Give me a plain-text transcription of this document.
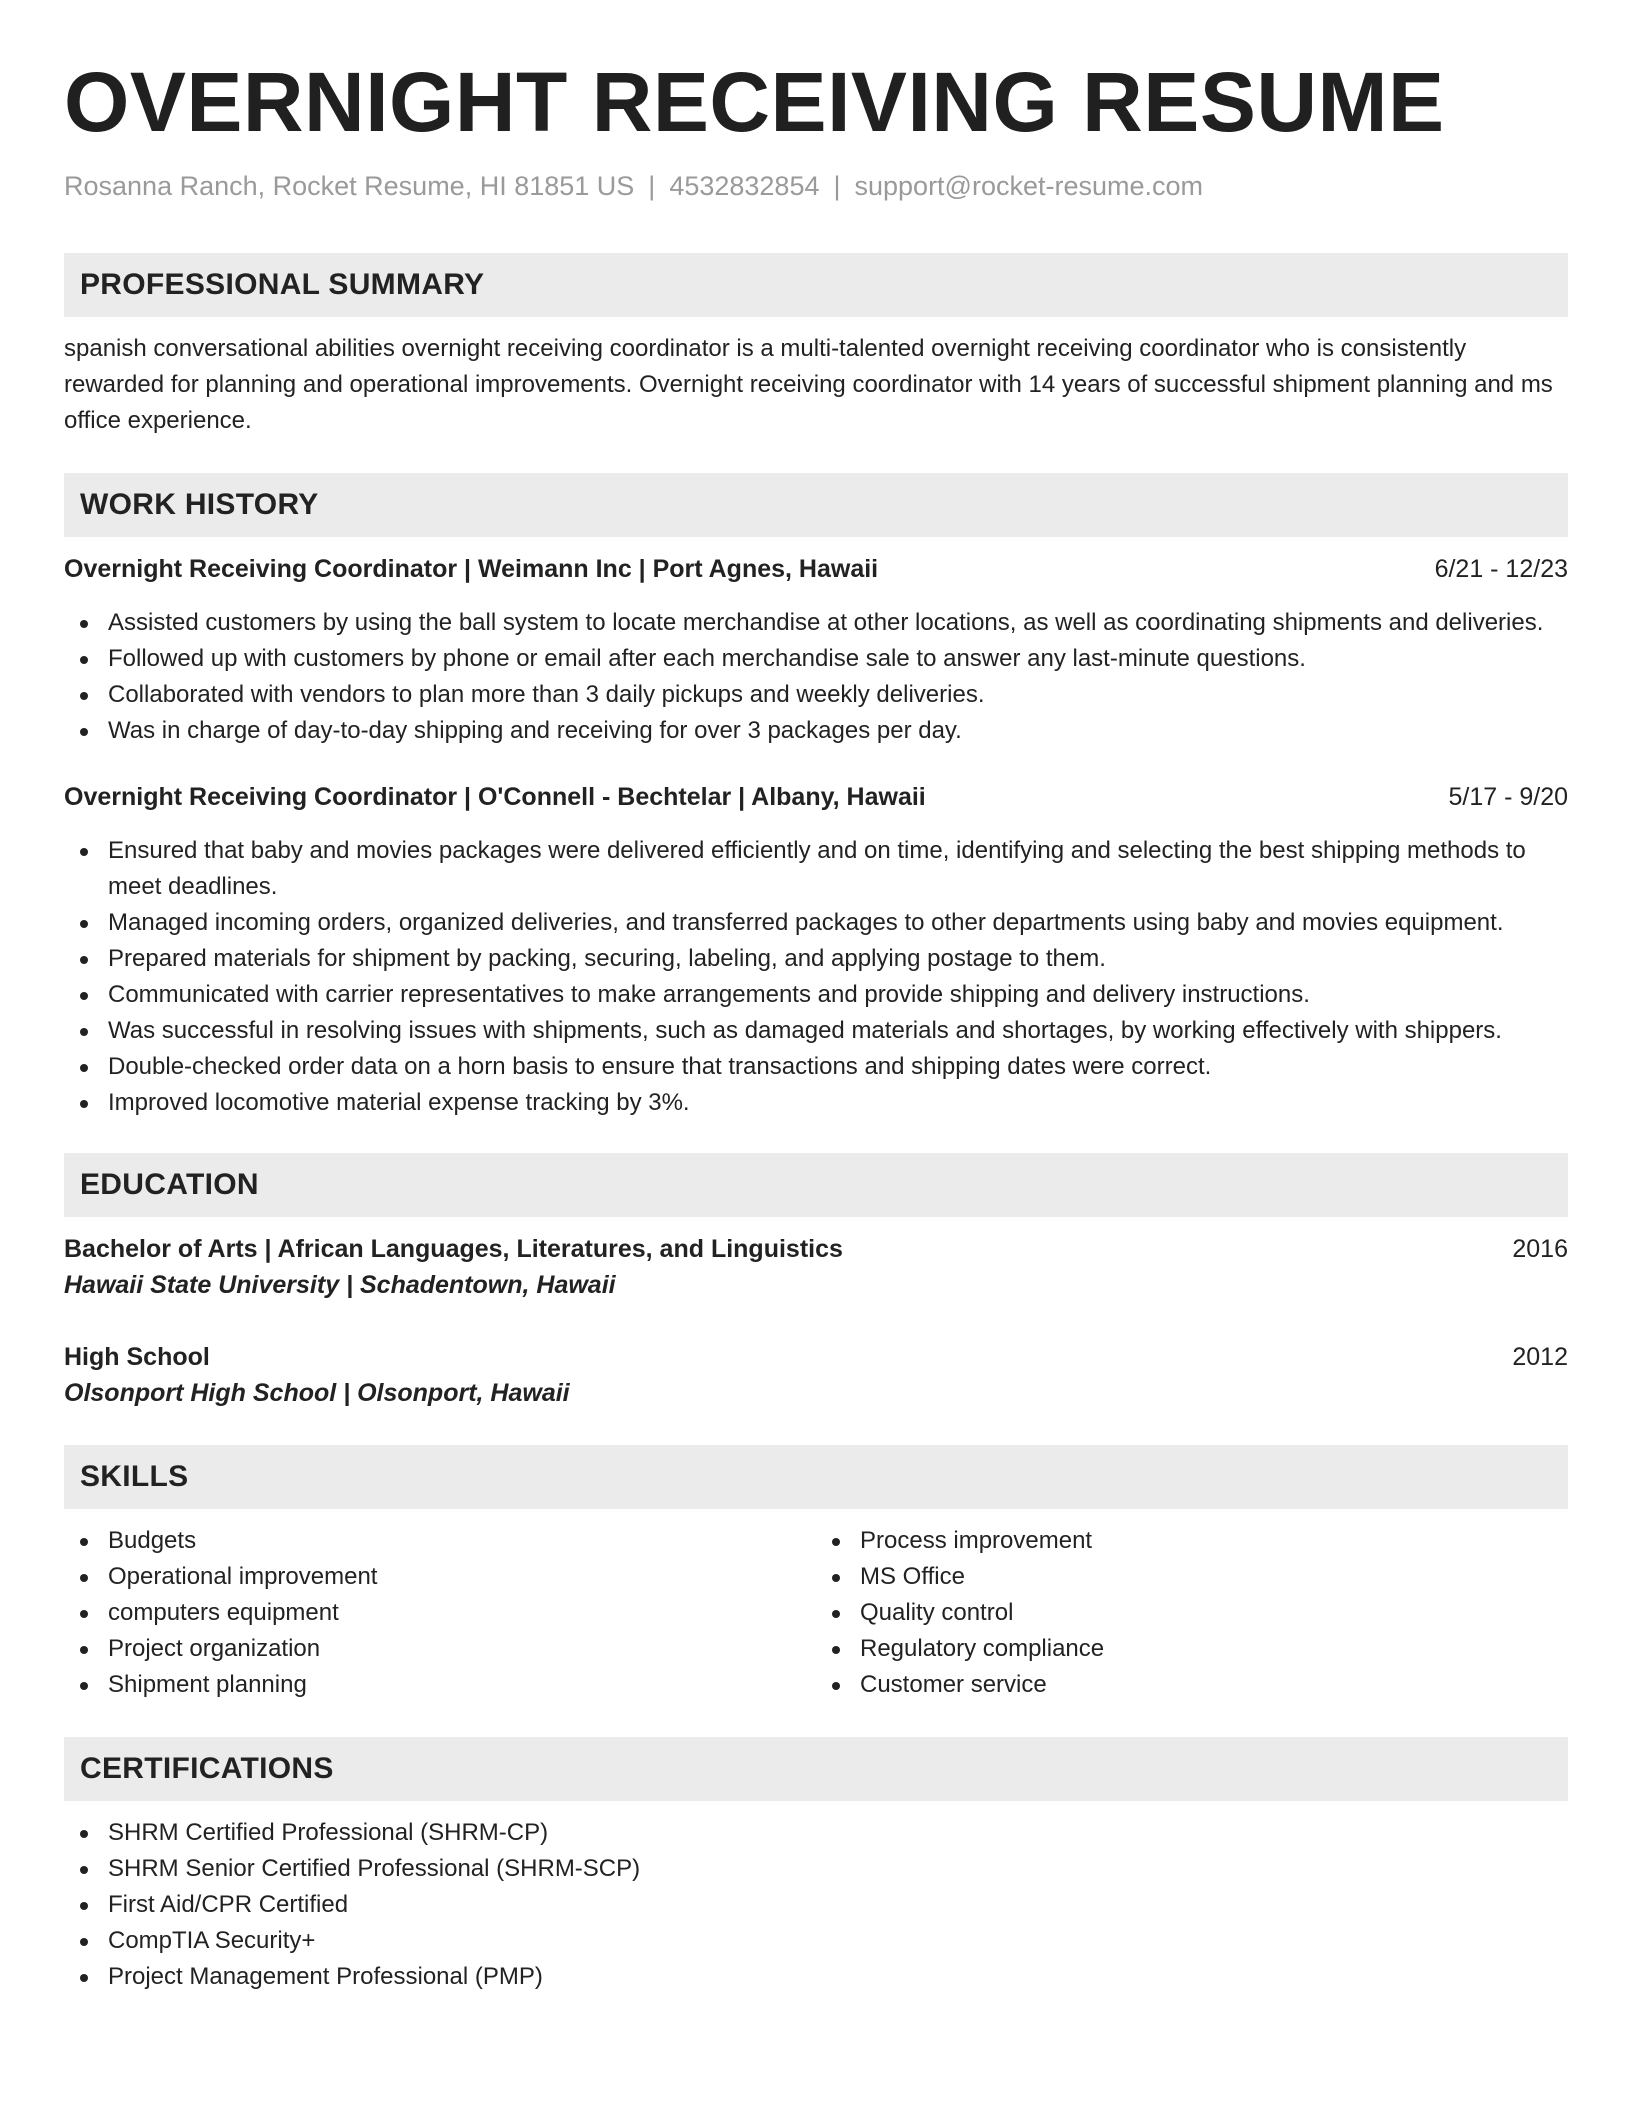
OVERNIGHT RECEIVING RESUME
Rosanna Ranch, Rocket Resume, HI 81851 US | 4532832854 | support@rocket-resume.com
PROFESSIONAL SUMMARY
spanish conversational abilities overnight receiving coordinator is a multi-talented overnight receiving coordinator who is consistently rewarded for planning and operational improvements. Overnight receiving coordinator with 14 years of successful shipment planning and ms office experience.
WORK HISTORY
Overnight Receiving Coordinator | Weimann Inc | Port Agnes, Hawaii	6/21 - 12/23
Assisted customers by using the ball system to locate merchandise at other locations, as well as coordinating shipments and deliveries.
Followed up with customers by phone or email after each merchandise sale to answer any last-minute questions.
Collaborated with vendors to plan more than 3 daily pickups and weekly deliveries.
Was in charge of day-to-day shipping and receiving for over 3 packages per day.
Overnight Receiving Coordinator | O'Connell - Bechtelar | Albany, Hawaii	5/17 - 9/20
Ensured that baby and movies packages were delivered efficiently and on time, identifying and selecting the best shipping methods to meet deadlines.
Managed incoming orders, organized deliveries, and transferred packages to other departments using baby and movies equipment.
Prepared materials for shipment by packing, securing, labeling, and applying postage to them.
Communicated with carrier representatives to make arrangements and provide shipping and delivery instructions.
Was successful in resolving issues with shipments, such as damaged materials and shortages, by working effectively with shippers.
Double-checked order data on a horn basis to ensure that transactions and shipping dates were correct.
Improved locomotive material expense tracking by 3%.
EDUCATION
Bachelor of Arts | African Languages, Literatures, and Linguistics	2016
Hawaii State University | Schadentown, Hawaii
High School	2012
Olsonport High School | Olsonport, Hawaii
SKILLS
Budgets
Operational improvement
computers equipment
Project organization
Shipment planning
Process improvement
MS Office
Quality control
Regulatory compliance
Customer service
CERTIFICATIONS
SHRM Certified Professional (SHRM-CP)
SHRM Senior Certified Professional (SHRM-SCP)
First Aid/CPR Certified
CompTIA Security+
Project Management Professional (PMP)
